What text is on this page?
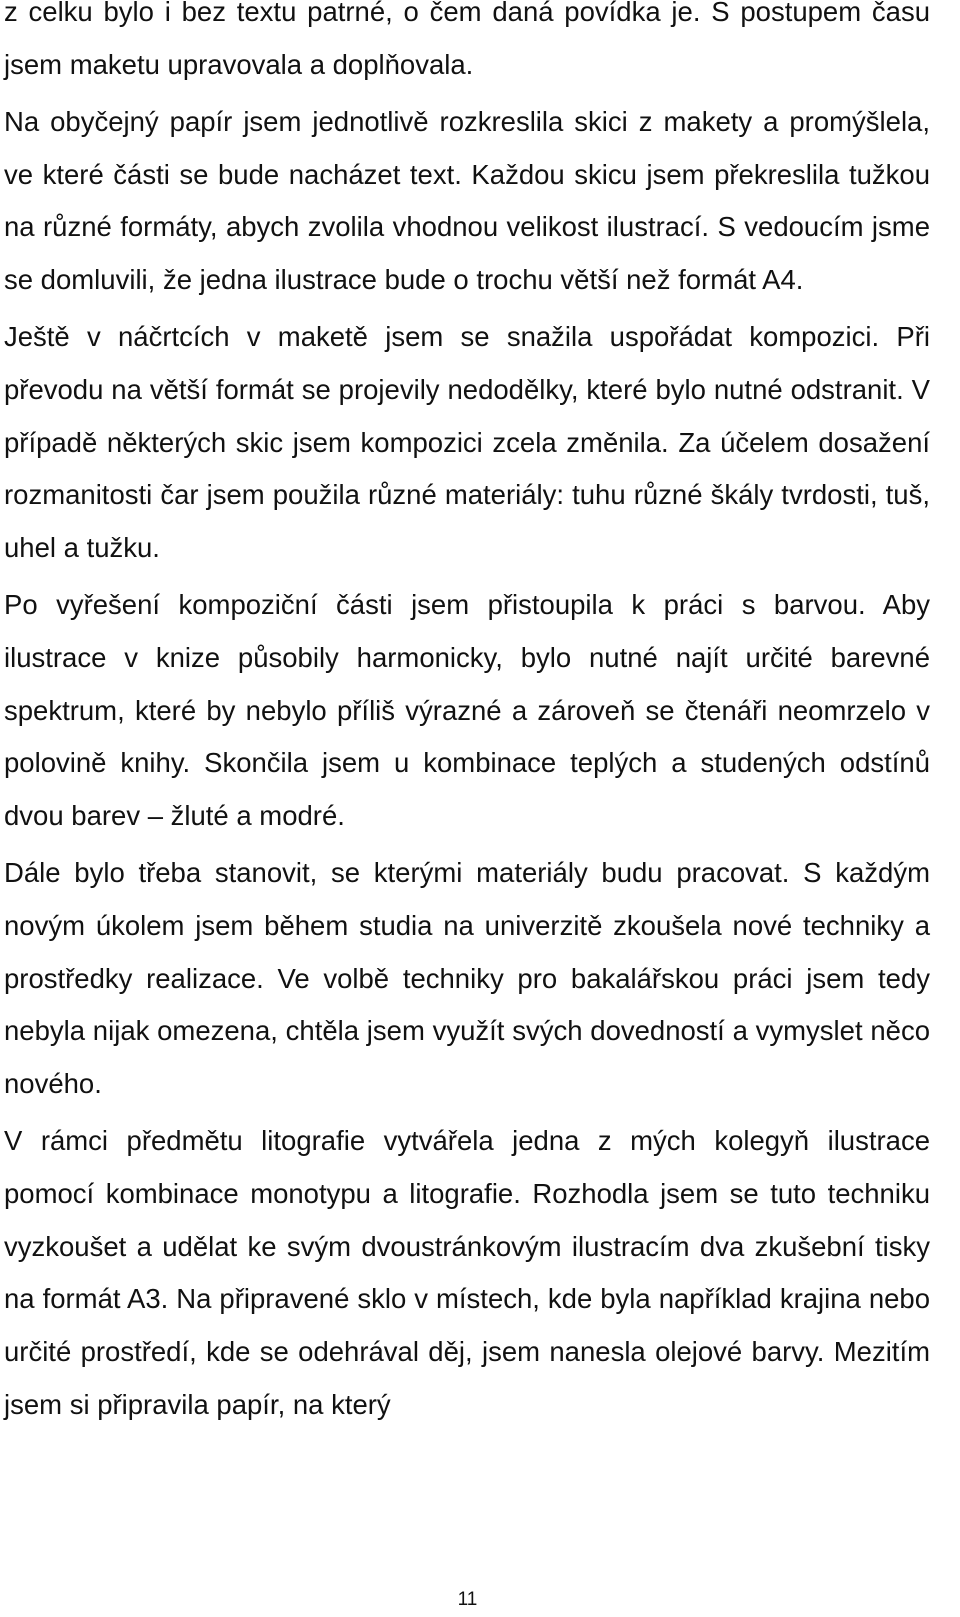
z celku bylo i bez textu patrné, o čem daná povídka je. S postupem času jsem maketu upravovala a doplňovala.

Na obyčejný papír jsem jednotlivě rozkreslila skici z makety a promýšlela, ve které části se bude nacházet text. Každou skicu jsem překreslila tužkou na různé formáty, abych zvolila vhodnou velikost ilustrací. S vedoucím jsme se domluvili, že jedna ilustrace bude o trochu větší než formát A4.

Ještě v náčrtcích v maketě jsem se snažila uspořádat kompozici. Při převodu na větší formát se projevily nedodělky, které bylo nutné odstranit. V případě některých skic jsem kompozici zcela změnila. Za účelem dosažení rozmanitosti čar jsem použila různé materiály: tuhu různé škály tvrdosti, tuš, uhel a tužku.

Po vyřešení kompoziční části jsem přistoupila k práci s barvou. Aby ilustrace v knize působily harmonicky, bylo nutné najít určité barevné spektrum, které by nebylo příliš výrazné a zároveň se čtenáři neomrzelo v polovině knihy. Skončila jsem u kombinace teplých a studených odstínů dvou barev – žluté a modré.

Dále bylo třeba stanovit, se kterými materiály budu pracovat. S každým novým úkolem jsem během studia na univerzitě zkoušela nové techniky a prostředky realizace. Ve volbě techniky pro bakalářskou práci jsem tedy nebyla nijak omezena, chtěla jsem využít svých dovedností a vymyslet něco nového.

V rámci předmětu litografie vytvářela jedna z mých kolegyň ilustrace pomocí kombinace monotypu a litografie. Rozhodla jsem se tuto techniku vyzkoušet a udělat ke svým dvoustránkovým ilustracím dva zkušební tisky na formát A3. Na připravené sklo v místech, kde byla například krajina nebo určité prostředí, kde se odehrával děj, jsem nanesla olejové barvy. Mezitím jsem si připravila papír, na který

11
